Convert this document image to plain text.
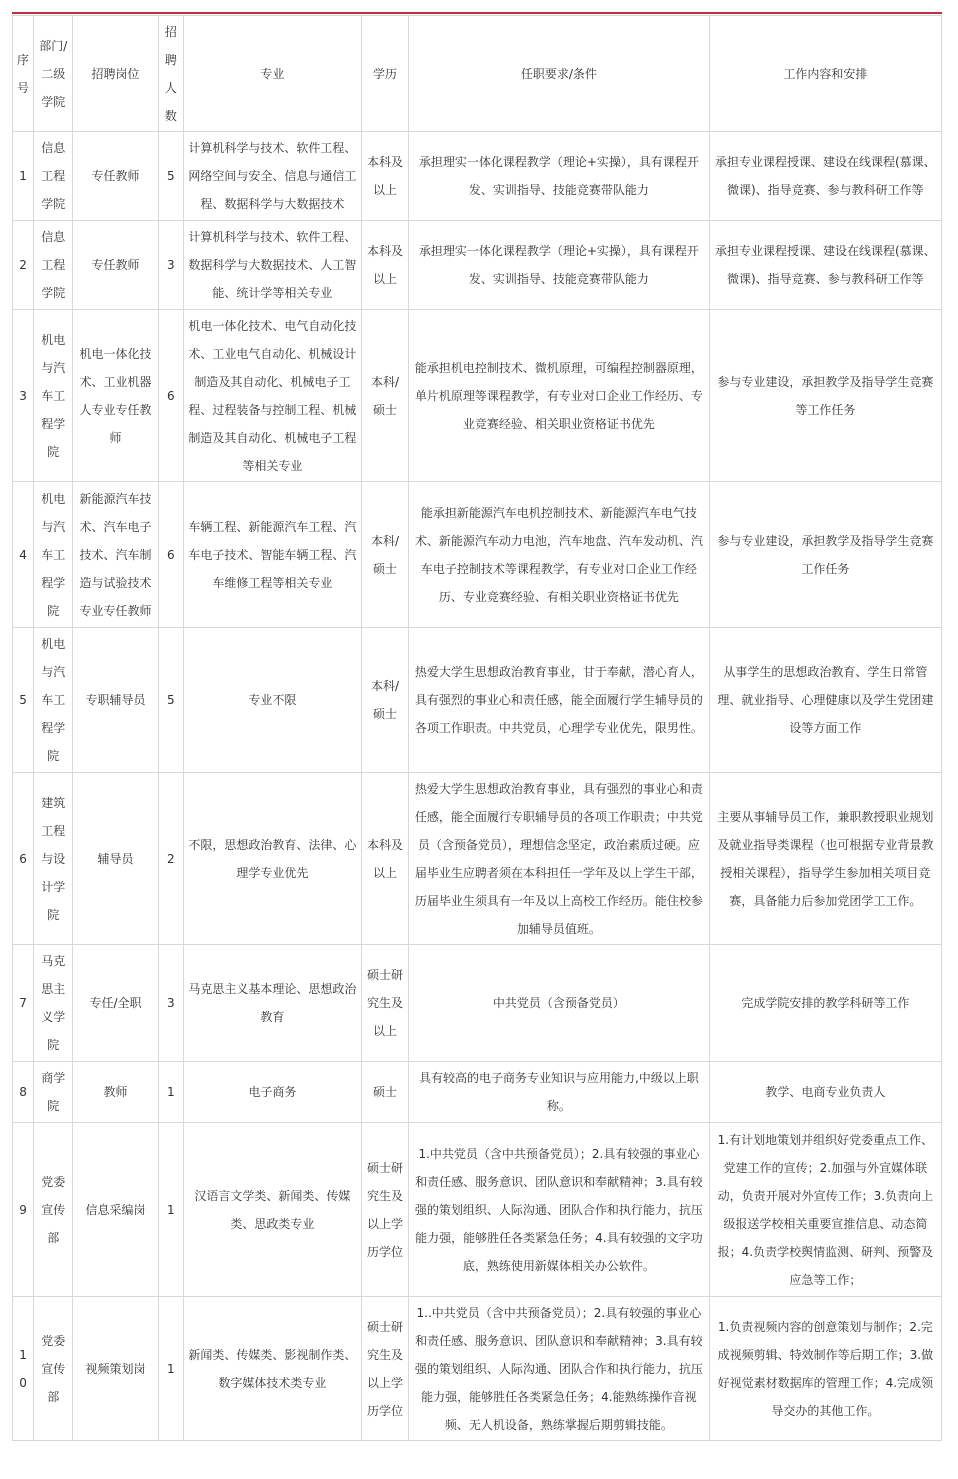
序号	部门/二级学院	招聘岗位	招聘人数	专业	学历	任职要求/条件	工作内容和安排
1	信息工程学院	专任教师	5	计算机科学与技术、软件工程、网络空间与安全、信息与通信工程、数据科学与大数据技术	本科及以上	承担理实一体化课程教学（理论+实操），具有课程开发、实训指导、技能竞赛带队能力	承担专业课程授课、建设在线课程(慕课、微课)、指导竞赛、参与教科研工作等
2	信息工程学院	专任教师	3	计算机科学与技术、软件工程、数据科学与大数据技术、人工智能、统计学等相关专业	本科及以上	承担理实一体化课程教学（理论+实操），具有课程开发、实训指导、技能竞赛带队能力	承担专业课程授课、建设在线课程(慕课、微课)、指导竞赛、参与教科研工作等
3	机电与汽车工程学院	机电一体化技术、工业机器人专业专任教师	6	机电一体化技术、电气自动化技术、工业电气自动化、机械设计制造及其自动化、机械电子工程、过程装备与控制工程、机械制造及其自动化、机械电子工程等相关专业	本科/硕士	能承担机电控制技术、微机原理，可编程控制器原理，单片机原理等课程教学，有专业对口企业工作经历、专业竞赛经验、相关职业资格证书优先	参与专业建设，承担教学及指导学生竞赛等工作任务
4	机电与汽车工程学院	新能源汽车技术、汽车电子技术、汽车制造与试验技术专业专任教师	6	车辆工程、新能源汽车工程、汽车电子技术、智能车辆工程、汽车维修工程等相关专业	本科/硕士	能承担新能源汽车电机控制技术、新能源汽车电气技术、新能源汽车动力电池，汽车地盘、汽车发动机、汽车电子控制技术等课程教学，有专业对口企业工作经历、专业竞赛经验、有相关职业资格证书优先	参与专业建设，承担教学及指导学生竞赛工作任务
5	机电与汽车工程学院	专职辅导员	5	专业不限	本科/硕士	热爱大学生思想政治教育事业，甘于奉献，潜心育人，具有强烈的事业心和责任感，能全面履行学生辅导员的各项工作职责。中共党员，心理学专业优先，限男性。	从事学生的思想政治教育、学生日常管理、就业指导、心理健康以及学生党团建设等方面工作
6	建筑工程与设计学院	辅导员	2	不限，思想政治教育、法律、心理学专业优先	本科及以上	热爱大学生思想政治教育事业，具有强烈的事业心和责任感，能全面履行专职辅导员的各项工作职责；中共党员（含预备党员），理想信念坚定，政治素质过硬。应届毕业生应聘者须在本科担任一学年及以上学生干部，历届毕业生须具有一年及以上高校工作经历。能住校参加辅导员值班。	主要从事辅导员工作，兼职教授职业规划及就业指导类课程（也可根据专业背景教授相关课程），指导学生参加相关项目竞赛，具备能力后参加党团学工工作。
7	马克思主义学院	专任/全职	3	马克思主义基本理论、思想政治教育	硕士研究生及以上	中共党员（含预备党员）	完成学院安排的教学科研等工作
8	商学院	教师	1	电子商务	硕士	具有较高的电子商务专业知识与应用能力,中级以上职称。	教学、电商专业负责人
9	党委宣传部	信息采编岗	1	汉语言文学类、新闻类、传媒类、思政类专业	硕士研究生及以上学历学位	1.中共党员（含中共预备党员）；2.具有较强的事业心和责任感、服务意识、团队意识和奉献精神；3.具有较强的策划组织、人际沟通、团队合作和执行能力，抗压能力强，能够胜任各类紧急任务；4.具有较强的文字功底，熟练使用新媒体相关办公软件。	1.有计划地策划并组织好党委重点工作、党建工作的宣传；2.加强与外宣媒体联动，负责开展对外宣传工作；3.负责向上级报送学校相关重要宣推信息、动态简报；4.负责学校舆情监测、研判、预警及应急等工作；
10	党委宣传部	视频策划岗	1	新闻类、传媒类、影视制作类、数字媒体技术类专业	硕士研究生及以上学历学位	1..中共党员（含中共预备党员）；2.具有较强的事业心和责任感、服务意识、团队意识和奉献精神；3.具有较强的策划组织、人际沟通、团队合作和执行能力，抗压能力强，能够胜任各类紧急任务；4.能熟练操作音视频、无人机设备，熟练掌握后期剪辑技能。	1.负责视频内容的创意策划与制作；2.完成视频剪辑、特效制作等后期工作；3.做好视觉素材数据库的管理工作；4.完成领导交办的其他工作。
